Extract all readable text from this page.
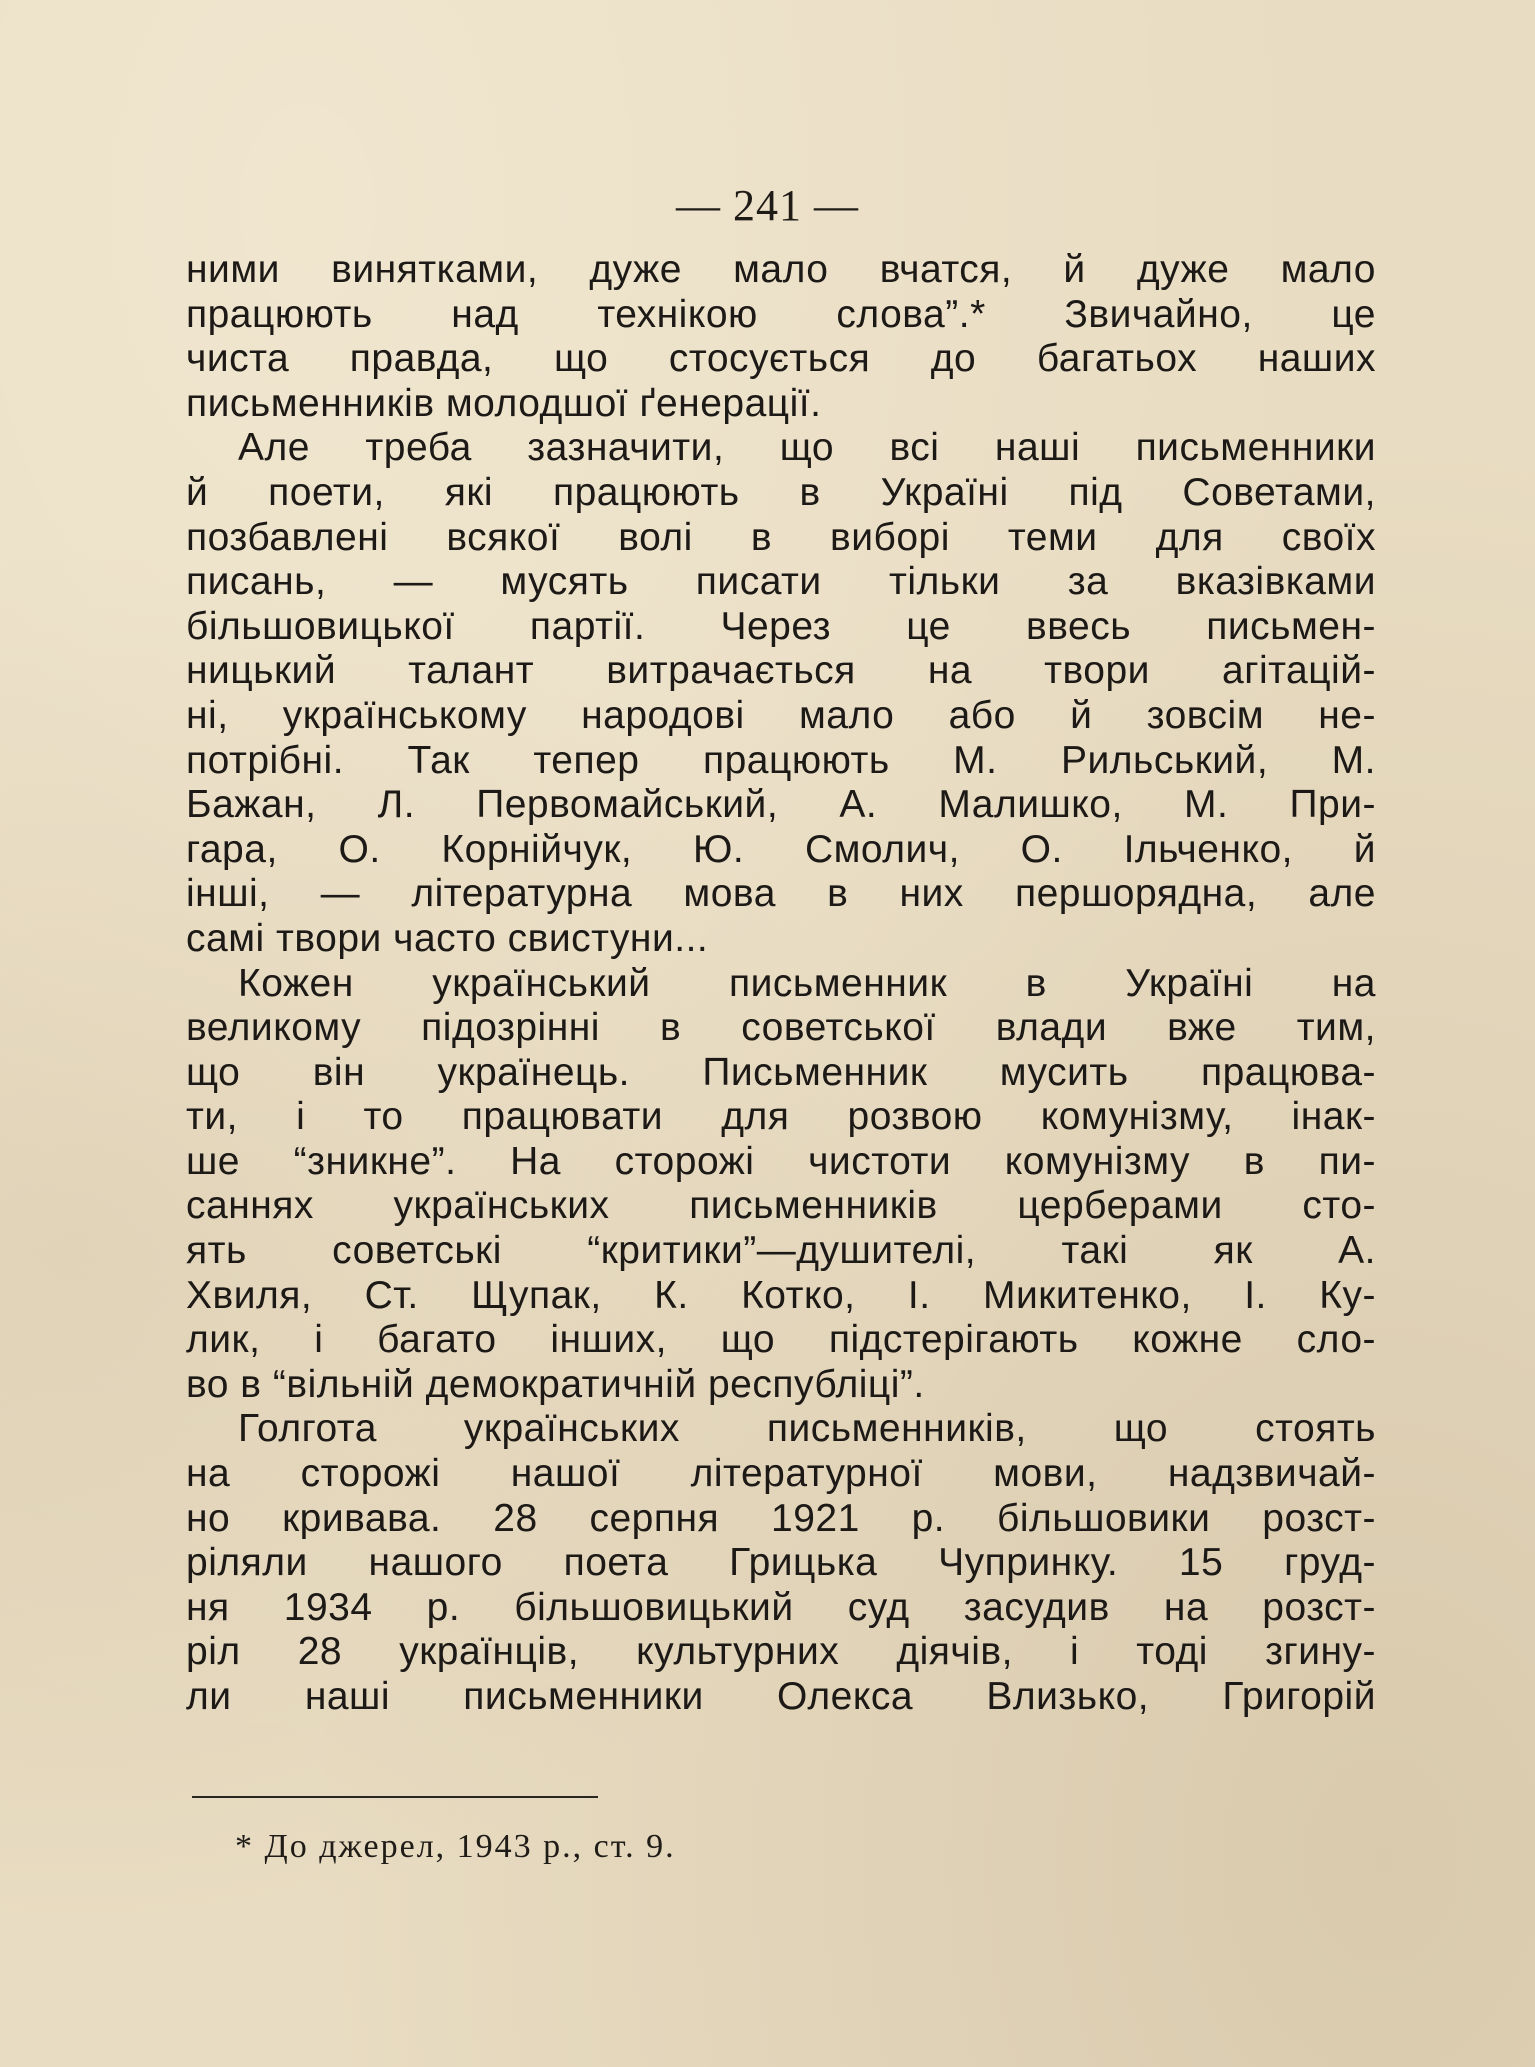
— 241 —
ними винятками, дуже мало вчатся, й дуже мало
працюють над технікою слова”.* Звичайно, це
чиста правда, що стосується до багатьох наших
письменників молодшої ґенерації.
Але треба зазначити, що всі наші письменники
й поети, які працюють в Україні під Советами,
позбавлені всякої волі в виборі теми для своїх
писань, — мусять писати тільки за вказівками
більшовицької партії. Через це ввесь письмен-
ницький талант витрачається на твори агітацій-
ні, українському народові мало або й зовсім не-
потрібні. Так тепер працюють М. Рильський, М.
Бажан, Л. Первомайський, А. Малишко, М. При-
гара, О. Корнійчук, Ю. Смолич, О. Ільченко, й
інші, — літературна мова в них першорядна, але
самі твори часто свистуни...
Кожен український письменник в Україні на
великому підозрінні в советської влади вже тим,
що він українець. Письменник мусить працюва-
ти, і то працювати для розвою комунізму, інак-
ше “зникне”. На сторожі чистоти комунізму в пи-
саннях українських письменників церберами сто-
ять советські “критики”—душителі, такі як А.
Хвиля, Ст. Щупак, К. Котко, І. Микитенко, І. Ку-
лик, і багато інших, що підстерігають кожне сло-
во в “вільній демократичній республіці”.
Голгота українських письменників, що стоять
на сторожі нашої літературної мови, надзвичай-
но кривава. 28 серпня 1921 р. більшовики розст-
ріляли нашого поета Грицька Чупринку. 15 груд-
ня 1934 р. більшовицький суд засудив на розст-
ріл 28 українців, культурних діячів, і тоді згину-
ли наші письменники Олекса Влизько, Григорій
* До джерел, 1943 р., ст. 9.
